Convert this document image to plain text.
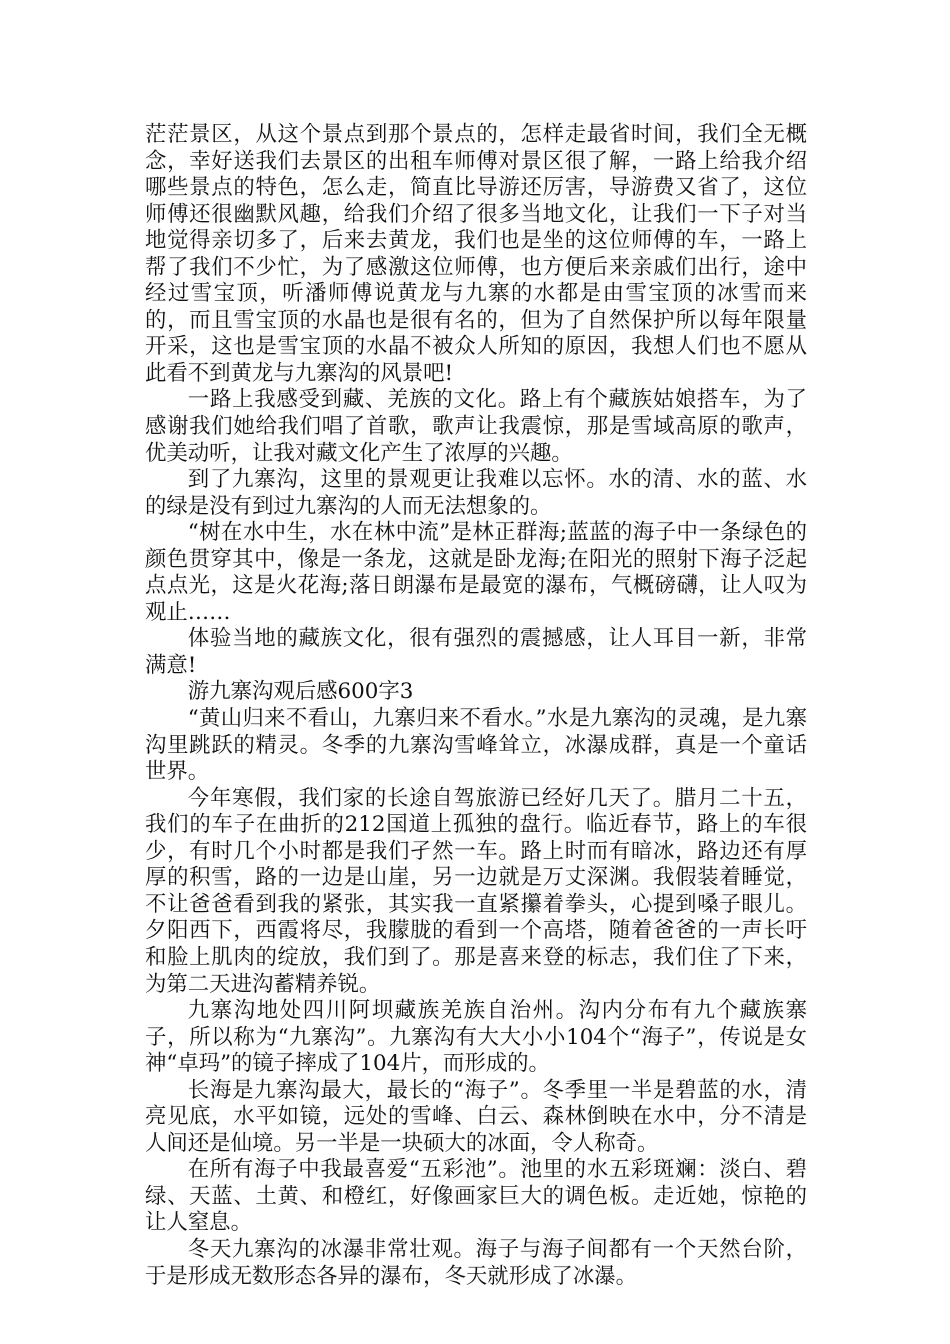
茫茫景区，从这个景点到那个景点的，怎样走最省时间，我们全无概念，幸好送我们去景区的出租车师傅对景区很了解，一路上给我介绍哪些景点的特色，怎么走，简直比导游还厉害，导游费又省了，这位师傅还很幽默风趣，给我们介绍了很多当地文化，让我们一下子对当地觉得亲切多了，后来去黄龙，我们也是坐的这位师傅的车，一路上帮了我们不少忙，为了感激这位师傅，也方便后来亲戚们出行，途中经过雪宝顶，听潘师傅说黄龙与九寨的水都是由雪宝顶的冰雪而来的，而且雪宝顶的水晶也是很有名的，但为了自然保护所以每年限量开采，这也是雪宝顶的水晶不被众人所知的原因，我想人们也不愿从此看不到黄龙与九寨沟的风景吧!

一路上我感受到藏、羌族的文化。路上有个藏族姑娘搭车，为了感谢我们她给我们唱了首歌，歌声让我震惊，那是雪域高原的歌声，优美动听，让我对藏文化产生了浓厚的兴趣。

到了九寨沟，这里的景观更让我难以忘怀。水的清、水的蓝、水的绿是没有到过九寨沟的人而无法想象的。

“树在水中生，水在林中流”是林正群海;蓝蓝的海子中一条绿色的颜色贯穿其中，像是一条龙，这就是卧龙海;在阳光的照射下海子泛起点点光，这是火花海;落日朗瀑布是最宽的瀑布，气概磅礴，让人叹为观止……

体验当地的藏族文化，很有强烈的震撼感，让人耳目一新，非常满意!

游九寨沟观后感600字3

“黄山归来不看山，九寨归来不看水。”水是九寨沟的灵魂，是九寨沟里跳跃的精灵。冬季的九寨沟雪峰耸立，冰瀑成群，真是一个童话世界。

今年寒假，我们家的长途自驾旅游已经好几天了。腊月二十五，我们的车子在曲折的212国道上孤独的盘行。临近春节，路上的车很少，有时几个小时都是我们孑然一车。路上时而有暗冰，路边还有厚厚的积雪，路的一边是山崖，另一边就是万丈深渊。我假装着睡觉，不让爸爸看到我的紧张，其实我一直紧攥着拳头，心提到嗓子眼儿。夕阳西下，西霞将尽，我朦胧的看到一个高塔，随着爸爸的一声长吁和脸上肌肉的绽放，我们到了。那是喜来登的标志，我们住了下来，为第二天进沟蓄精养锐。

九寨沟地处四川阿坝藏族羌族自治州。沟内分布有九个藏族寨子，所以称为“九寨沟”。九寨沟有大大小小104个“海子”，传说是女神“卓玛”的镜子摔成了104片，而形成的。

长海是九寨沟最大，最长的“海子”。冬季里一半是碧蓝的水，清亮见底，水平如镜，远处的雪峰、白云、森林倒映在水中，分不清是人间还是仙境。另一半是一块硕大的冰面，令人称奇。

在所有海子中我最喜爱“五彩池”。池里的水五彩斑斓：淡白、碧绿、天蓝、土黄、和橙红，好像画家巨大的调色板。走近她，惊艳的让人窒息。

冬天九寨沟的冰瀑非常壮观。海子与海子间都有一个天然台阶，于是形成无数形态各异的瀑布，冬天就形成了冰瀑。
